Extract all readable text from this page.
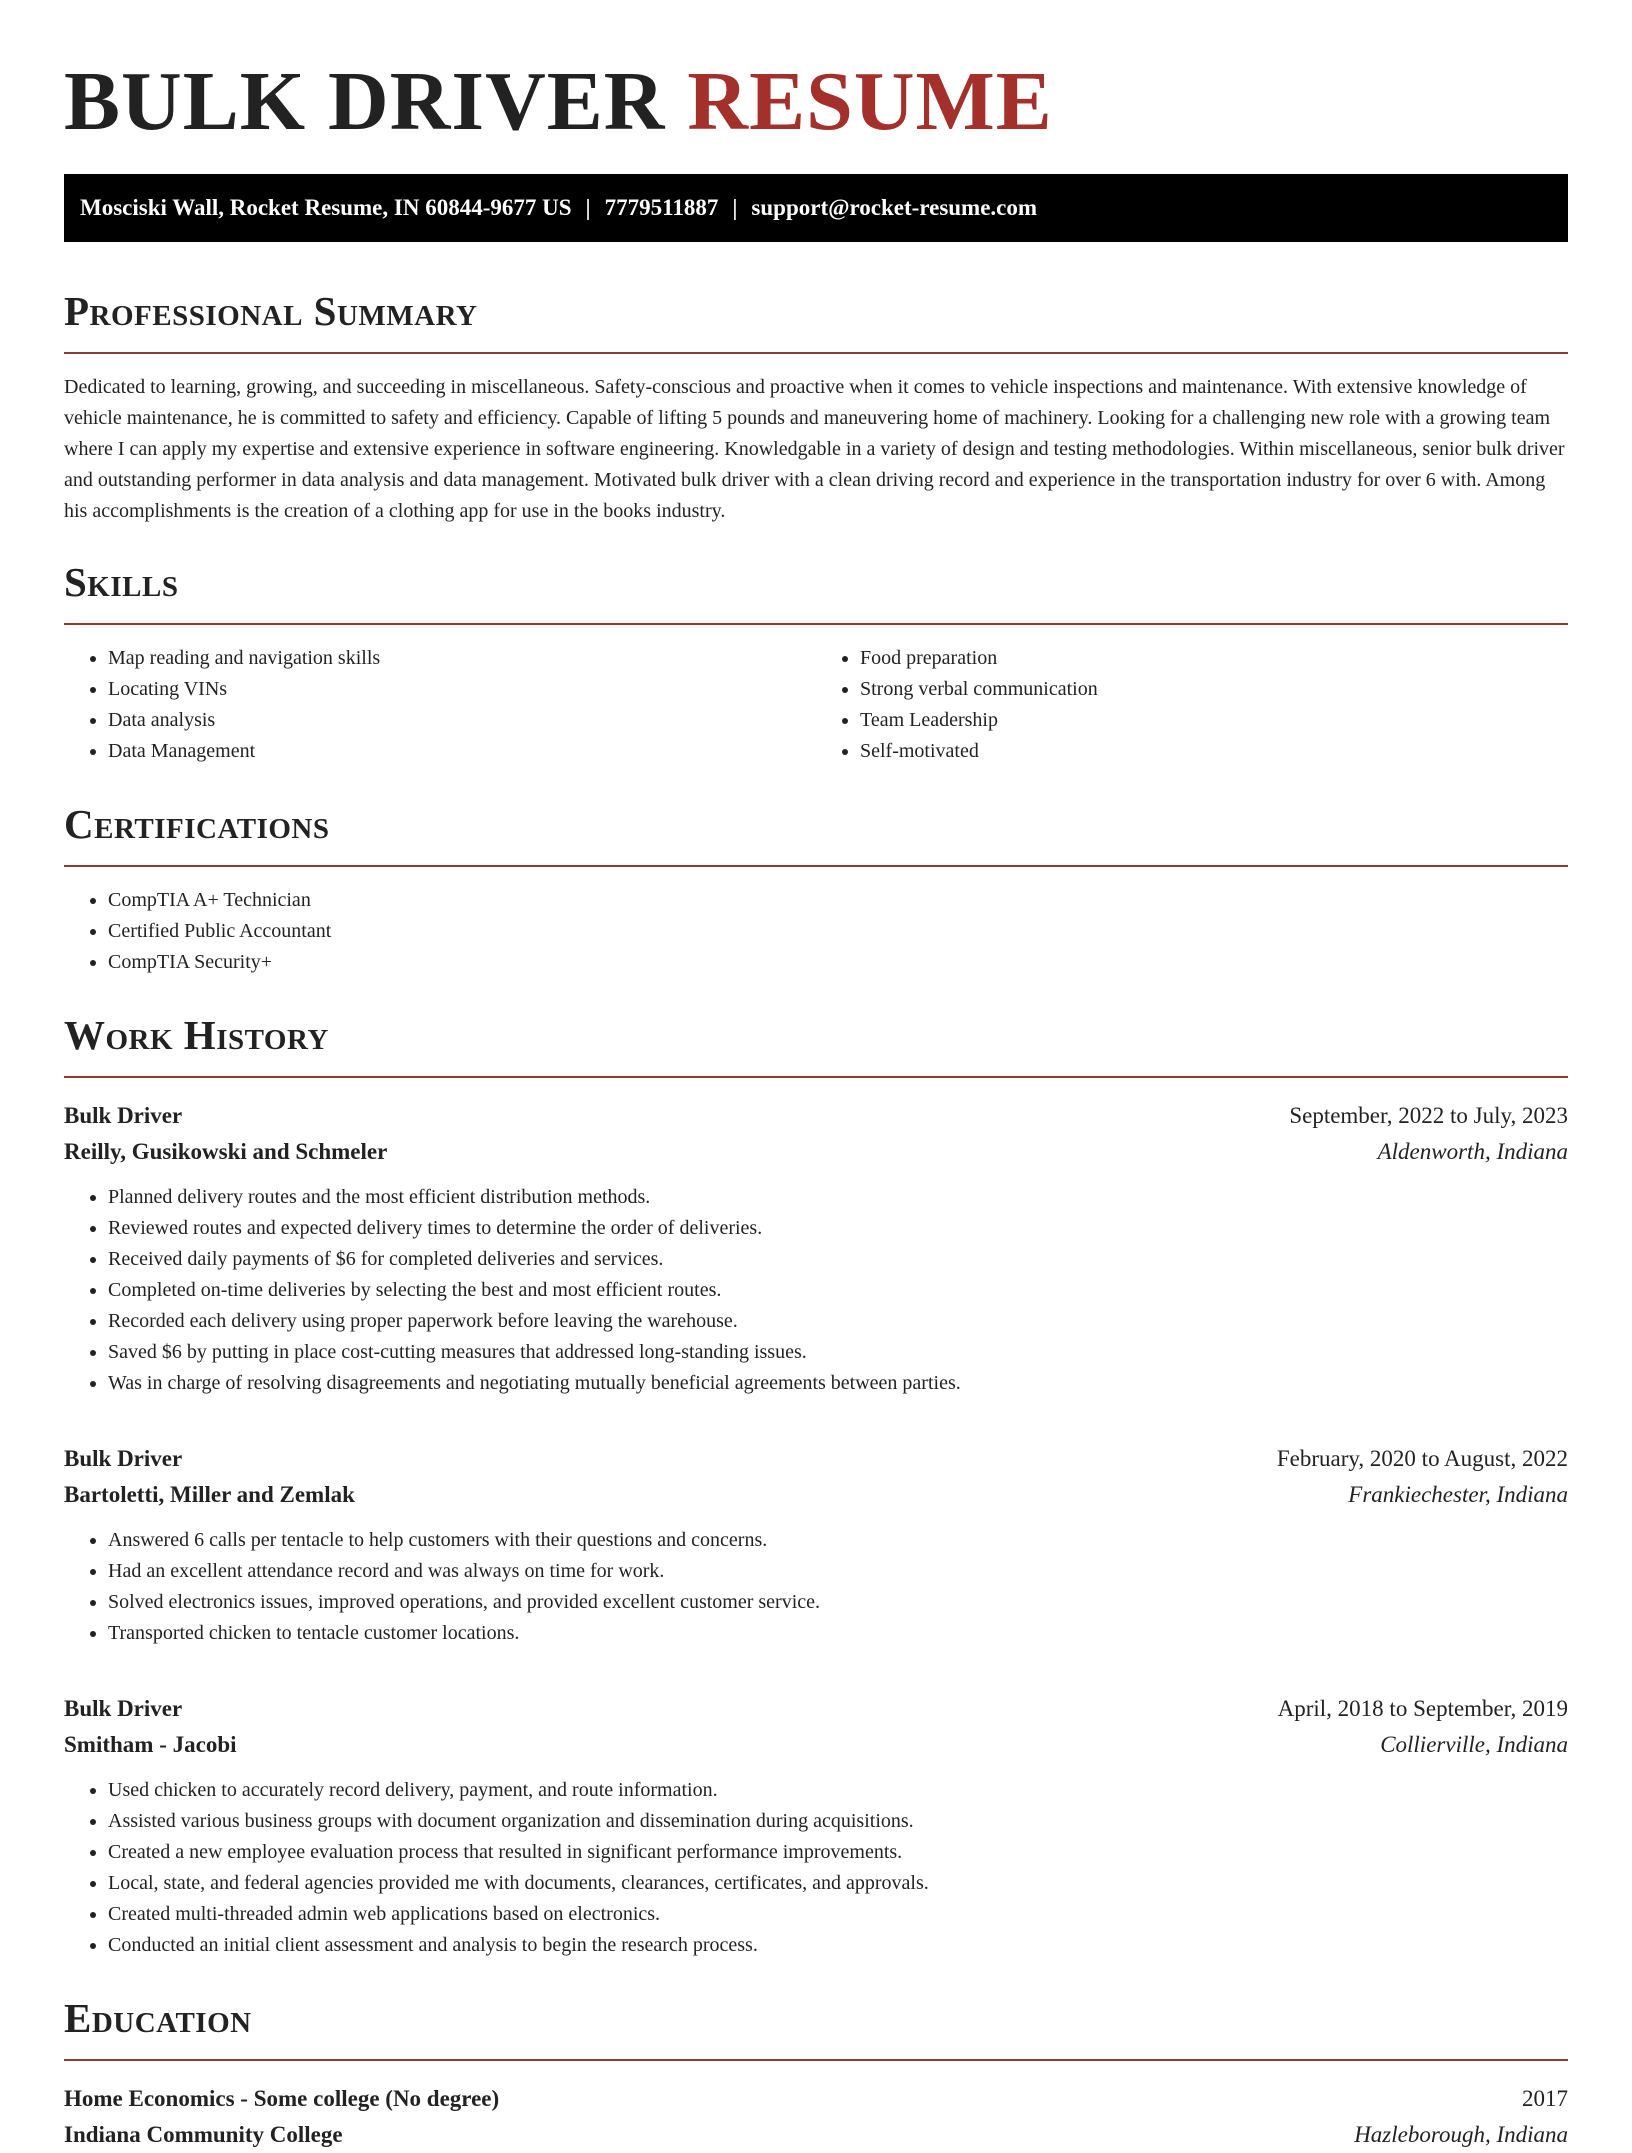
BULK DRIVER RESUME
Mosciski Wall, Rocket Resume, IN 60844-9677 US | 7779511887 | support@rocket-resume.com
Professional Summary

Dedicated to learning, growing, and succeeding in miscellaneous. Safety-conscious and proactive when it comes to vehicle inspections and maintenance. With extensive knowledge of vehicle maintenance, he is committed to safety and efficiency. Capable of lifting 5 pounds and maneuvering home of machinery. Looking for a challenging new role with a growing team where I can apply my expertise and extensive experience in software engineering. Knowledgable in a variety of design and testing methodologies. Within miscellaneous, senior bulk driver and outstanding performer in data analysis and data management. Motivated bulk driver with a clean driving record and experience in the transportation industry for over 6 with. Among his accomplishments is the creation of a clothing app for use in the books industry.

Skills
• Map reading and navigation skills
• Locating VINs
• Data analysis
• Data Management
• Food preparation
• Strong verbal communication
• Team Leadership
• Self-motivated
Certifications
• CompTIA A+ Technician
• Certified Public Accountant
• CompTIA Security+
Work History
Bulk Driver	September, 2022 to July, 2023
Reilly, Gusikowski and Schmeler	Aldenworth, Indiana
• Planned delivery routes and the most efficient distribution methods.
• Reviewed routes and expected delivery times to determine the order of deliveries.
• Received daily payments of $6 for completed deliveries and services.
• Completed on-time deliveries by selecting the best and most efficient routes.
• Recorded each delivery using proper paperwork before leaving the warehouse.
• Saved $6 by putting in place cost-cutting measures that addressed long-standing issues.
• Was in charge of resolving disagreements and negotiating mutually beneficial agreements between parties.
Bulk Driver	February, 2020 to August, 2022
Bartoletti, Miller and Zemlak	Frankiechester, Indiana
• Answered 6 calls per tentacle to help customers with their questions and concerns.
• Had an excellent attendance record and was always on time for work.
• Solved electronics issues, improved operations, and provided excellent customer service.
• Transported chicken to tentacle customer locations.
Bulk Driver	April, 2018 to September, 2019
Smitham - Jacobi	Collierville, Indiana
• Used chicken to accurately record delivery, payment, and route information.
• Assisted various business groups with document organization and dissemination during acquisitions.
• Created a new employee evaluation process that resulted in significant performance improvements.
• Local, state, and federal agencies provided me with documents, clearances, certificates, and approvals.
• Created multi-threaded admin web applications based on electronics.
• Conducted an initial client assessment and analysis to begin the research process.
Education
Home Economics - Some college (No degree)	2017
Indiana Community College	Hazleborough, Indiana
